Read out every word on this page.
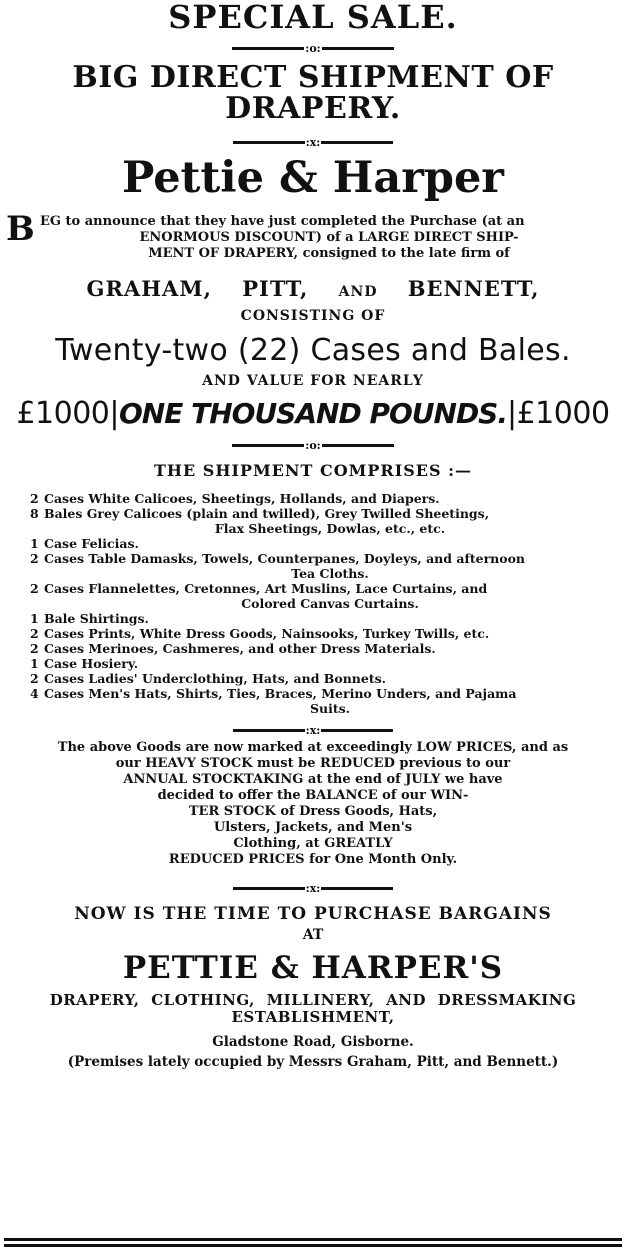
SPECIAL SALE.
:o:
BIG DIRECT SHIPMENT OF
DRAPERY.
:x:
Pettie & Harper
B EG to announce that they have just completed the Purchase (at an
ENORMOUS DISCOUNT) of a LARGE DIRECT SHIP-
MENT OF DRAPERY, consigned to the late firm of
GRAHAM, PITT, AND BENNETT,
CONSISTING OF
Twenty-two (22) Cases and Bales.
AND VALUE FOR NEARLY
£1000|ONE THOUSAND POUNDS.|£1000
:o:
THE SHIPMENT COMPRISES :—
2 Cases White Calicoes, Sheetings, Hollands, and Diapers.
8 Bales Grey Calicoes (plain and twilled), Grey Twilled Sheetings,
Flax Sheetings, Dowlas, etc., etc.
1 Case Felicias.
2 Cases Table Damasks, Towels, Counterpanes, Doyleys, and afternoon
Tea Cloths.
2 Cases Flannelettes, Cretonnes, Art Muslins, Lace Curtains, and
Colored Canvas Curtains.
1 Bale Shirtings.
2 Cases Prints, White Dress Goods, Nainsooks, Turkey Twills, etc.
2 Cases Merinoes, Cashmeres, and other Dress Materials.
1 Case Hosiery.
2 Cases Ladies' Underclothing, Hats, and Bonnets.
4 Cases Men's Hats, Shirts, Ties, Braces, Merino Unders, and Pajama
Suits.
:x:
The above Goods are now marked at exceedingly LOW PRICES, and as
our HEAVY STOCK must be REDUCED previous to our
ANNUAL STOCKTAKING at the end of JULY we have
decided to offer the BALANCE of our WIN-
TER STOCK of Dress Goods, Hats,
Ulsters, Jackets, and Men's
Clothing, at GREATLY
REDUCED PRICES for One Month Only.
:x:
NOW IS THE TIME TO PURCHASE BARGAINS
AT
PETTIE & HARPER'S
DRAPERY, CLOTHING, MILLINERY, AND DRESSMAKING
ESTABLISHMENT,
Gladstone Road, Gisborne.
(Premises lately occupied by Messrs Graham, Pitt, and Bennett.)
